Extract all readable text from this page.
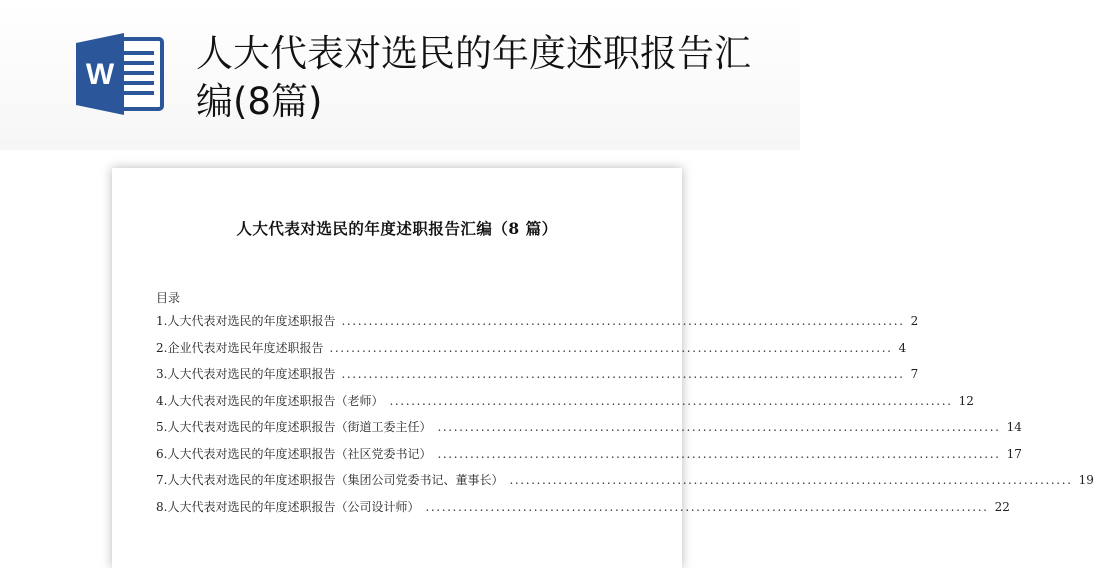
W 人大代表对选民的年度述职报告汇编(8篇)
人大代表对选民的年度述职报告汇编（8 篇）
目录
1.人大代表对选民的年度述职报告 ........................................................................................................ 2
2.企业代表对选民年度述职报告 ........................................................................................................ 4
3.人大代表对选民的年度述职报告 ........................................................................................................ 7
4.人大代表对选民的年度述职报告（老师） ........................................................................................................ 12
5.人大代表对选民的年度述职报告（街道工委主任） ........................................................................................................ 14
6.人大代表对选民的年度述职报告（社区党委书记） ........................................................................................................ 17
7.人大代表对选民的年度述职报告（集团公司党委书记、董事长） ........................................................................................................ 19
8.人大代表对选民的年度述职报告（公司设计师） ........................................................................................................ 22
